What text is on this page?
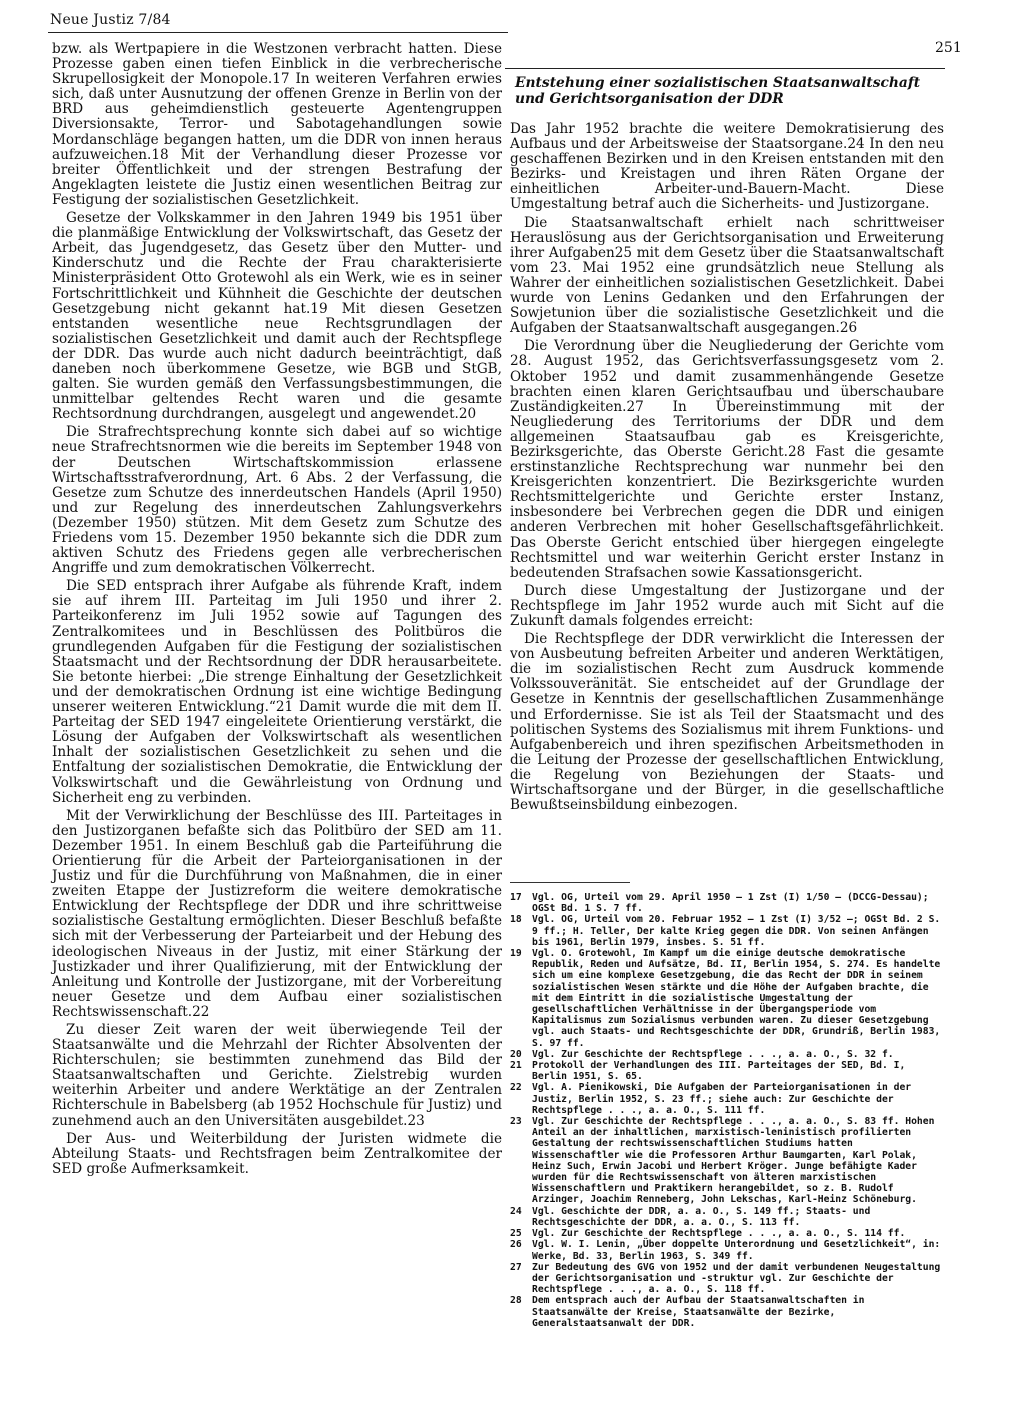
Neue Justiz 7/84
251

bzw. als Wertpapiere in die Westzonen verbracht hatten. Diese Prozesse gaben einen tiefen Einblick in die verbrecherische Skrupellosigkeit der Monopole.17 In weiteren Verfahren erwies sich, daß unter Ausnutzung der offenen Grenze in Berlin von der BRD aus geheimdienstlich gesteuerte Agentengruppen Diversionsakte, Terror- und Sabotagehandlungen sowie Mordanschläge begangen hatten, um die DDR von innen heraus aufzuweichen.18 Mit der Verhandlung dieser Prozesse vor breiter Öffentlichkeit und der strengen Bestrafung der Angeklagten leistete die Justiz einen wesentlichen Beitrag zur Festigung der sozialistischen Gesetzlichkeit.

Gesetze der Volkskammer in den Jahren 1949 bis 1951 über die planmäßige Entwicklung der Volkswirtschaft, das Gesetz der Arbeit, das Jugendgesetz, das Gesetz über den Mutter- und Kinderschutz und die Rechte der Frau charakterisierte Ministerpräsident Otto Grotewohl als ein Werk, wie es in seiner Fortschrittlichkeit und Kühnheit die Geschichte der deutschen Gesetzgebung nicht gekannt hat.19 Mit diesen Gesetzen entstanden wesentliche neue Rechtsgrundlagen der sozialistischen Gesetzlichkeit und damit auch der Rechtspflege der DDR. Das wurde auch nicht dadurch beeinträchtigt, daß daneben noch überkommene Gesetze, wie BGB und StGB, galten. Sie wurden gemäß den Verfassungsbestimmungen, die unmittelbar geltendes Recht waren und die gesamte Rechtsordnung durchdrangen, ausgelegt und angewendet.20

Die Strafrechtsprechung konnte sich dabei auf so wichtige neue Strafrechtsnormen wie die bereits im September 1948 von der Deutschen Wirtschaftskommission erlassene Wirtschaftsstrafverordnung, Art. 6 Abs. 2 der Verfassung, die Gesetze zum Schutze des innerdeutschen Handels (April 1950) und zur Regelung des innerdeutschen Zahlungsverkehrs (Dezember 1950) stützen. Mit dem Gesetz zum Schutze des Friedens vom 15. Dezember 1950 bekannte sich die DDR zum aktiven Schutz des Friedens gegen alle verbrecherischen Angriffe und zum demokratischen Völkerrecht.

Die SED entsprach ihrer Aufgabe als führende Kraft, indem sie auf ihrem III. Parteitag im Juli 1950 und ihrer 2. Parteikonferenz im Juli 1952 sowie auf Tagungen des Zentralkomitees und in Beschlüssen des Politbüros die grundlegenden Aufgaben für die Festigung der sozialistischen Staatsmacht und der Rechtsordnung der DDR herausarbeitete. Sie betonte hierbei: „Die strenge Einhaltung der Gesetzlichkeit und der demokratischen Ordnung ist eine wichtige Bedingung unserer weiteren Entwicklung.“21 Damit wurde die mit dem II. Parteitag der SED 1947 eingeleitete Orientierung verstärkt, die Lösung der Aufgaben der Volkswirtschaft als wesentlichen Inhalt der sozialistischen Gesetzlichkeit zu sehen und die Entfaltung der sozialistischen Demokratie, die Entwicklung der Volkswirtschaft und die Gewährleistung von Ordnung und Sicherheit eng zu verbinden.

Mit der Verwirklichung der Beschlüsse des III. Parteitages in den Justizorganen befaßte sich das Politbüro der SED am 11. Dezember 1951. In einem Beschluß gab die Parteiführung die Orientierung für die Arbeit der Parteiorganisationen in der Justiz und für die Durchführung von Maßnahmen, die in einer zweiten Etappe der Justizreform die weitere demokratische Entwicklung der Rechtspflege der DDR und ihre schrittweise sozialistische Gestaltung ermöglichten. Dieser Beschluß befaßte sich mit der Verbesserung der Parteiarbeit und der Hebung des ideologischen Niveaus in der Justiz, mit einer Stärkung der Justizkader und ihrer Qualifizierung, mit der Entwicklung der Anleitung und Kontrolle der Justizorgane, mit der Vorbereitung neuer Gesetze und dem Aufbau einer sozialistischen Rechtswissenschaft.22

Zu dieser Zeit waren der weit überwiegende Teil der Staatsanwälte und die Mehrzahl der Richter Absolventen der Richterschulen; sie bestimmten zunehmend das Bild der Staatsanwaltschaften und Gerichte. Zielstrebig wurden weiterhin Arbeiter und andere Werktätige an der Zentralen Richterschule in Babelsberg (ab 1952 Hochschule für Justiz) und zunehmend auch an den Universitäten ausgebildet.23

Der Aus- und Weiterbildung der Juristen widmete die Abteilung Staats- und Rechtsfragen beim Zentralkomitee der SED große Aufmerksamkeit.

Entstehung einer sozialistischen Staatsanwaltschaft und Gerichtsorganisation der DDR

Das Jahr 1952 brachte die weitere Demokratisierung des Aufbaus und der Arbeitsweise der Staatsorgane.24 In den neu geschaffenen Bezirken und in den Kreisen entstanden mit den Bezirks- und Kreistagen und ihren Räten Organe der einheitlichen Arbeiter-und-Bauern-Macht. Diese Umgestaltung betraf auch die Sicherheits- und Justizorgane.

Die Staatsanwaltschaft erhielt nach schrittweiser Herauslösung aus der Gerichtsorganisation und Erweiterung ihrer Aufgaben25 mit dem Gesetz über die Staatsanwaltschaft vom 23. Mai 1952 eine grundsätzlich neue Stellung als Wahrer der einheitlichen sozialistischen Gesetzlichkeit. Dabei wurde von Lenins Gedanken und den Erfahrungen der Sowjetunion über die sozialistische Gesetzlichkeit und die Aufgaben der Staatsanwaltschaft ausgegangen.26

Die Verordnung über die Neugliederung der Gerichte vom 28. August 1952, das Gerichtsverfassungsgesetz vom 2. Oktober 1952 und damit zusammenhängende Gesetze brachten einen klaren Gerichtsaufbau und überschaubare Zuständigkeiten.27 In Übereinstimmung mit der Neugliederung des Territoriums der DDR und dem allgemeinen Staatsaufbau gab es Kreisgerichte, Bezirksgerichte, das Oberste Gericht.28 Fast die gesamte erstinstanzliche Rechtsprechung war nunmehr bei den Kreisgerichten konzentriert. Die Bezirksgerichte wurden Rechtsmittelgerichte und Gerichte erster Instanz, insbesondere bei Verbrechen gegen die DDR und einigen anderen Verbrechen mit hoher Gesellschaftsgefährlichkeit. Das Oberste Gericht entschied über hiergegen eingelegte Rechtsmittel und war weiterhin Gericht erster Instanz in bedeutenden Strafsachen sowie Kassationsgericht.

Durch diese Umgestaltung der Justizorgane und der Rechtspflege im Jahr 1952 wurde auch mit Sicht auf die Zukunft damals folgendes erreicht:

Die Rechtspflege der DDR verwirklicht die Interessen der von Ausbeutung befreiten Arbeiter und anderen Werktätigen, die im sozialistischen Recht zum Ausdruck kommende Volkssouveränität. Sie entscheidet auf der Grundlage der Gesetze in Kenntnis der gesellschaftlichen Zusammenhänge und Erfordernisse. Sie ist als Teil der Staatsmacht und des politischen Systems des Sozialismus mit ihrem Funktions- und Aufgabenbereich und ihren spezifischen Arbeitsmethoden in die Leitung der Prozesse der gesellschaftlichen Entwicklung, die Regelung von Beziehungen der Staats- und Wirtschaftsorgane und der Bürger, in die gesellschaftliche Bewußtseinsbildung einbezogen.

17	Vgl. OG, Urteil vom 29. April 1950 – 1 Zst (I) 1/50 – (DCCG-Dessau); OGSt Bd. 1 S. 7 ff.
18	Vgl. OG, Urteil vom 20. Februar 1952 – 1 Zst (I) 3/52 –; OGSt Bd. 2 S. 9 ff.; H. Teller, Der kalte Krieg gegen die DDR. Von seinen Anfängen bis 1961, Berlin 1979, insbes. S. 51 ff.
19	Vgl. O. Grotewohl, Im Kampf um die einige deutsche demokratische Republik, Reden und Aufsätze, Bd. II, Berlin 1954, S. 274. Es handelte sich um eine komplexe Gesetzgebung, die das Recht der DDR in seinem sozialistischen Wesen stärkte und die Höhe der Aufgaben brachte, die mit dem Eintritt in die sozialistische Umgestaltung der gesellschaftlichen Verhältnisse in der Übergangsperiode vom Kapitalismus zum Sozialismus verbunden waren. Zu dieser Gesetzgebung vgl. auch Staats- und Rechtsgeschichte der DDR, Grundriß, Berlin 1983, S. 97 ff.
20	Vgl. Zur Geschichte der Rechtspflege . . ., a. a. O., S. 32 f.
21	Protokoll der Verhandlungen des III. Parteitages der SED, Bd. I, Berlin 1951, S. 65.
22	Vgl. A. Pienikowski, Die Aufgaben der Parteiorganisationen in der Justiz, Berlin 1952, S. 23 ff.; siehe auch: Zur Geschichte der Rechtspflege . . ., a. a. O., S. 111 ff.
23	Vgl. Zur Geschichte der Rechtspflege . . ., a. a. O., S. 83 ff. Hohen Anteil an der inhaltlichen, marxistisch-leninistisch profilierten Gestaltung der rechtswissenschaftlichen Studiums hatten Wissenschaftler wie die Professoren Arthur Baumgarten, Karl Polak, Heinz Such, Erwin Jacobi und Herbert Kröger. Junge befähigte Kader wurden für die Rechtswissenschaft von älteren marxistischen Wissenschaftlern und Praktikern herangebildet, so z. B. Rudolf Arzinger, Joachim Renneberg, John Lekschas, Karl-Heinz Schöneburg.
24	Vgl. Geschichte der DDR, a. a. O., S. 149 ff.; Staats- und Rechtsgeschichte der DDR, a. a. O., S. 113 ff.
25	Vgl. Zur Geschichte der Rechtspflege . . ., a. a. O., S. 114 ff.
26	Vgl. W. I. Lenin, „Über doppelte Unterordnung und Gesetzlichkeit“, in: Werke, Bd. 33, Berlin 1963, S. 349 ff.
27	Zur Bedeutung des GVG von 1952 und der damit verbundenen Neugestaltung der Gerichtsorganisation und -struktur vgl. Zur Geschichte der Rechtspflege . . ., a. a. O., S. 118 ff.
28	Dem entsprach auch der Aufbau der Staatsanwaltschaften in Staatsanwälte der Kreise, Staatsanwälte der Bezirke, Generalstaatsanwalt der DDR.
